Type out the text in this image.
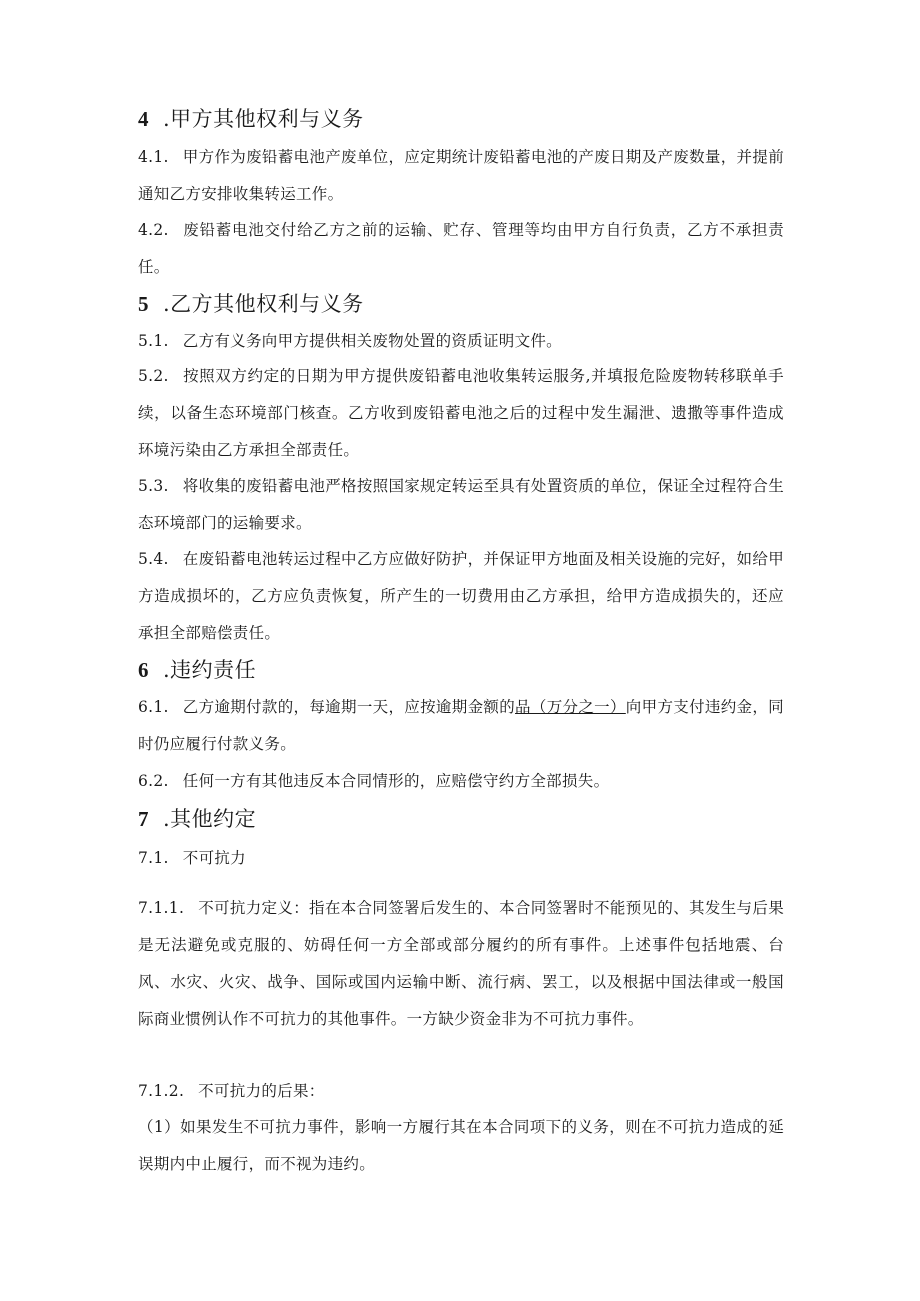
4 .甲方其他权利与义务
4.1. 甲方作为废铅蓄电池产废单位，应定期统计废铅蓄电池的产废日期及产废数量，并提前通知乙方安排收集转运工作。
4.2. 废铅蓄电池交付给乙方之前的运输、贮存、管理等均由甲方自行负责，乙方不承担责任。
5 .乙方其他权利与义务
5.1. 乙方有义务向甲方提供相关废物处置的资质证明文件。
5.2. 按照双方约定的日期为甲方提供废铅蓄电池收集转运服务,并填报危险废物转移联单手续，以备生态环境部门核查。乙方收到废铅蓄电池之后的过程中发生漏泄、遗撒等事件造成环境污染由乙方承担全部责任。
5.3. 将收集的废铅蓄电池严格按照国家规定转运至具有处置资质的单位，保证全过程符合生态环境部门的运输要求。
5.4. 在废铅蓄电池转运过程中乙方应做好防护，并保证甲方地面及相关设施的完好，如给甲方造成损坏的，乙方应负责恢复，所产生的一切费用由乙方承担，给甲方造成损失的，还应承担全部赔偿责任。
6 .违约责任
6.1. 乙方逾期付款的，每逾期一天，应按逾期金额的品（万分之一）向甲方支付违约金，同时仍应履行付款义务。
6.2. 任何一方有其他违反本合同情形的，应赔偿守约方全部损失。
7 .其他约定
7.1. 不可抗力
7.1.1. 不可抗力定义：指在本合同签署后发生的、本合同签署时不能预见的、其发生与后果是无法避免或克服的、妨碍任何一方全部或部分履约的所有事件。上述事件包括地震、台风、水灾、火灾、战争、国际或国内运输中断、流行病、罢工，以及根据中国法律或一般国际商业惯例认作不可抗力的其他事件。一方缺少资金非为不可抗力事件。
7.1.2. 不可抗力的后果：
（1）如果发生不可抗力事件，影响一方履行其在本合同项下的义务，则在不可抗力造成的延误期内中止履行，而不视为违约。
